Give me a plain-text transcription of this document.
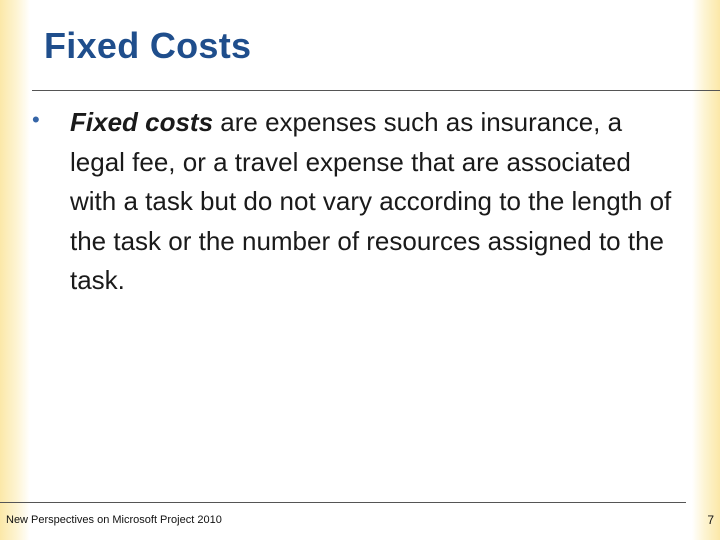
Fixed Costs
• Fixed costs are expenses such as insurance, a legal fee, or a travel expense that are associated with a task but do not vary according to the length of the task or the number of resources assigned to the task.
New Perspectives on Microsoft Project 2010	7
